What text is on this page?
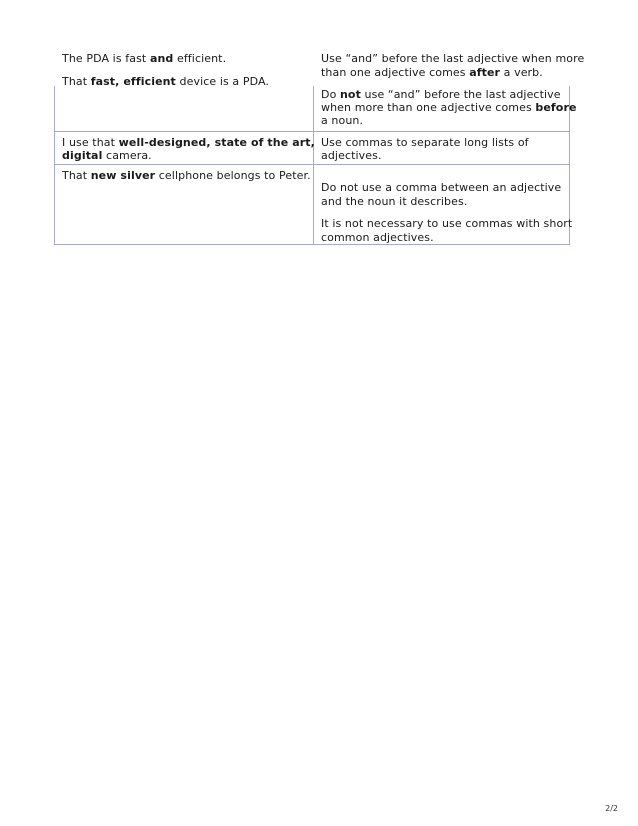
The PDA is fast and efficient.
That fast, efficient device is a PDA.
Use “and” before the last adjective when more
than one adjective comes after a verb.
Do not use “and” before the last adjective
when more than one adjective comes before
a noun.
I use that well-designed, state of the art,
digital camera.
Use commas to separate long lists of
adjectives.
That new silver cellphone belongs to Peter.
Do not use a comma between an adjective
and the noun it describes.
It is not necessary to use commas with short
common adjectives.
2/2
